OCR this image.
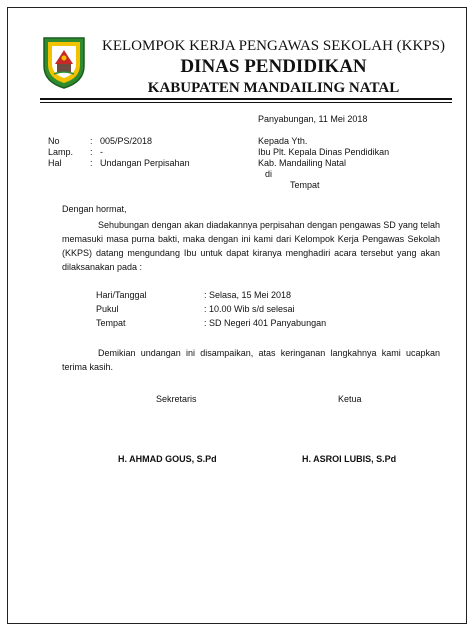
KELOMPOK KERJA PENGAWAS SEKOLAH (KKPS)
DINAS PENDIDIKAN
KABUPATEN MANDAILING NATAL
Panyabungan, 11 Mei 2018
No	: 005/PS/2018
Lamp. : -
Hal	: Undangan Perpisahan
Kepada Yth.
Ibu Plt. Kepala Dinas Pendidikan
Kab. Mandailing Natal
di
Tempat
Dengan hormat,
Sehubungan dengan akan diadakannya perpisahan dengan pengawas SD yang telah memasuki masa purna bakti, maka dengan ini kami dari Kelompok Kerja Pengawas Sekolah (KKPS) datang mengundang Ibu untuk dapat kiranya menghadiri acara tersebut yang akan dilaksanakan pada :
Hari/Tanggal	: Selasa, 15 Mei 2018
Pukul	: 10.00 Wib s/d selesai
Tempat	: SD Negeri 401 Panyabungan
Demikian undangan ini disampaikan, atas keringanan langkahnya kami ucapkan terima kasih.
Sekretaris	Ketua
H. AHMAD GOUS, S.Pd	H. ASROI LUBIS, S.Pd
